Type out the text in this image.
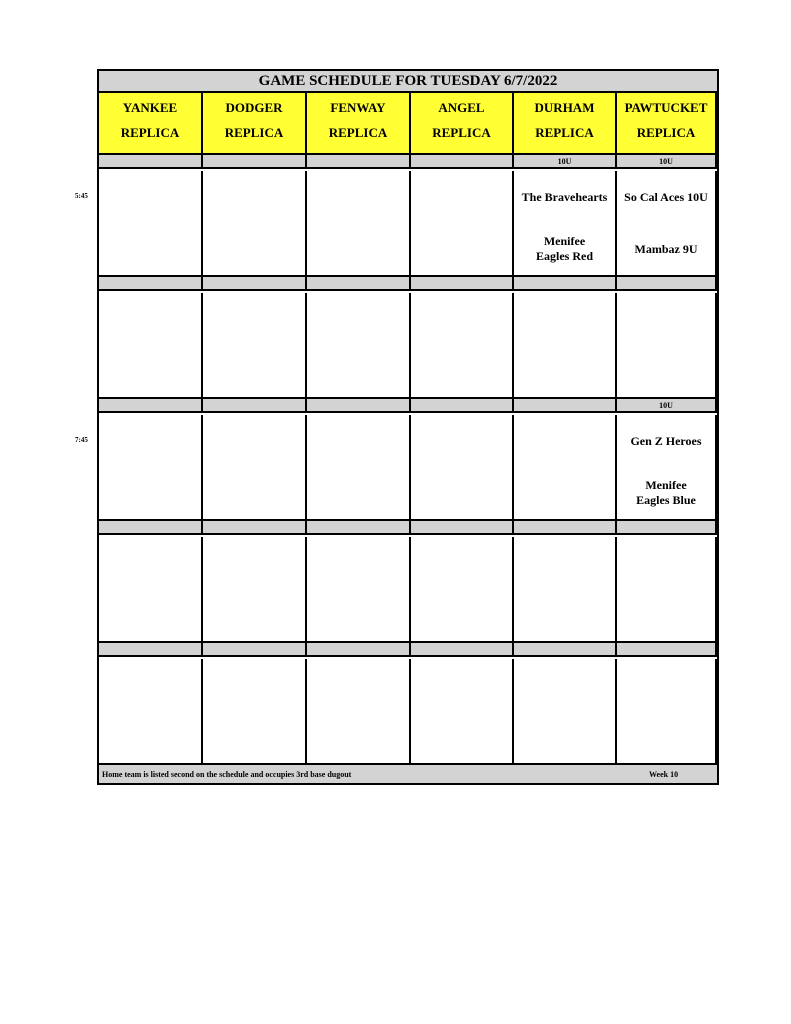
GAME SCHEDULE FOR TUESDAY 6/7/2022
Home team is listed second on the schedule and occupies 3rd base dugout	Week 10
YANKEE
REPLICA
DODGER
REPLICA
FENWAY
REPLICA
ANGEL
REPLICA
DURHAM
REPLICA
PAWTUCKET
REPLICA
10U
The Bravehearts
Menifee Eagles Red
10U
So Cal Aces 10U
Mambaz 9U
10U
Gen Z Heroes
Menifee Eagles Blue
5:45
7:45
